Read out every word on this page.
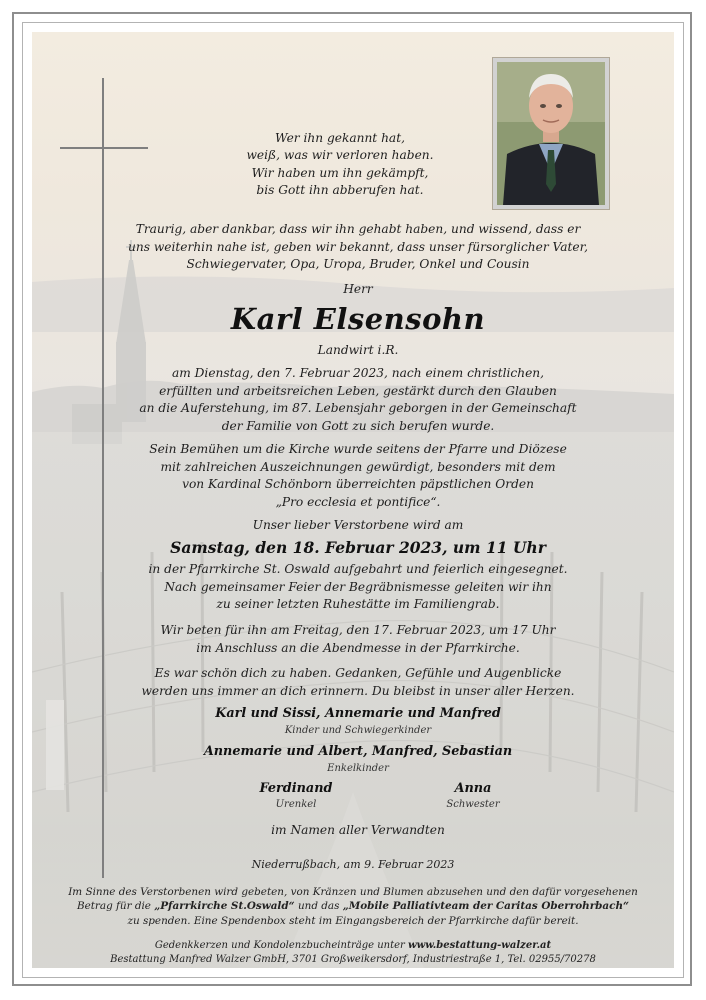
Wer ihn gekannt hat,
weiß, was wir verloren haben.
Wir haben um ihn gekämpft,
bis Gott ihn abberufen hat.
Traurig, aber dankbar, dass wir ihn gehabt haben, und wissend, dass er
uns weiterhin nahe ist, geben wir bekannt, dass unser fürsorglicher Vater,
Schwiegervater, Opa, Uropa, Bruder, Onkel und Cousin
Herr
Karl Elsensohn
Landwirt i.R.
am Dienstag, den 7. Februar 2023, nach einem christlichen,
erfüllten und arbeitsreichen Leben, gestärkt durch den Glauben
an die Auferstehung, im 87. Lebensjahr geborgen in der Gemeinschaft
der Familie von Gott zu sich berufen wurde.
Sein Bemühen um die Kirche wurde seitens der Pfarre und Diözese
mit zahlreichen Auszeichnungen gewürdigt, besonders mit dem
von Kardinal Schönborn überreichten päpstlichen Orden
„Pro ecclesia et pontifice“.
Unser lieber Verstorbene wird am
Samstag, den 18. Februar 2023, um 11 Uhr
in der Pfarrkirche St. Oswald aufgebahrt und feierlich eingesegnet.
Nach gemeinsamer Feier der Begräbnismesse geleiten wir ihn
zu seiner letzten Ruhestätte im Familiengrab.
Wir beten für ihn am Freitag, den 17. Februar 2023, um 17 Uhr
im Anschluss an die Abendmesse in der Pfarrkirche.
Es war schön dich zu haben. Gedanken, Gefühle und Augenblicke
werden uns immer an dich erinnern. Du bleibst in unser aller Herzen.
Karl und Sissi, Annemarie und Manfred
Kinder und Schwiegerkinder
Annemarie und Albert, Manfred, Sebastian
Enkelkinder
Ferdinand
Urenkel
Anna
Schwester
im Namen aller Verwandten
Niederrußbach, am 9. Februar 2023
Im Sinne des Verstorbenen wird gebeten, von Kränzen und Blumen abzusehen und den dafür vorgesehenen
Betrag für die „Pfarrkirche St.Oswald“ und das „Mobile Palliativteam der Caritas Oberrohrbach“
zu spenden. Eine Spendenbox steht im Eingangsbereich der Pfarrkirche dafür bereit.
Gedenkkerzen und Kondolenzbucheinträge unter www.bestattung-walzer.at
Bestattung Manfred Walzer GmbH, 3701 Großweikersdorf, Industriestraße 1, Tel. 02955/70278
